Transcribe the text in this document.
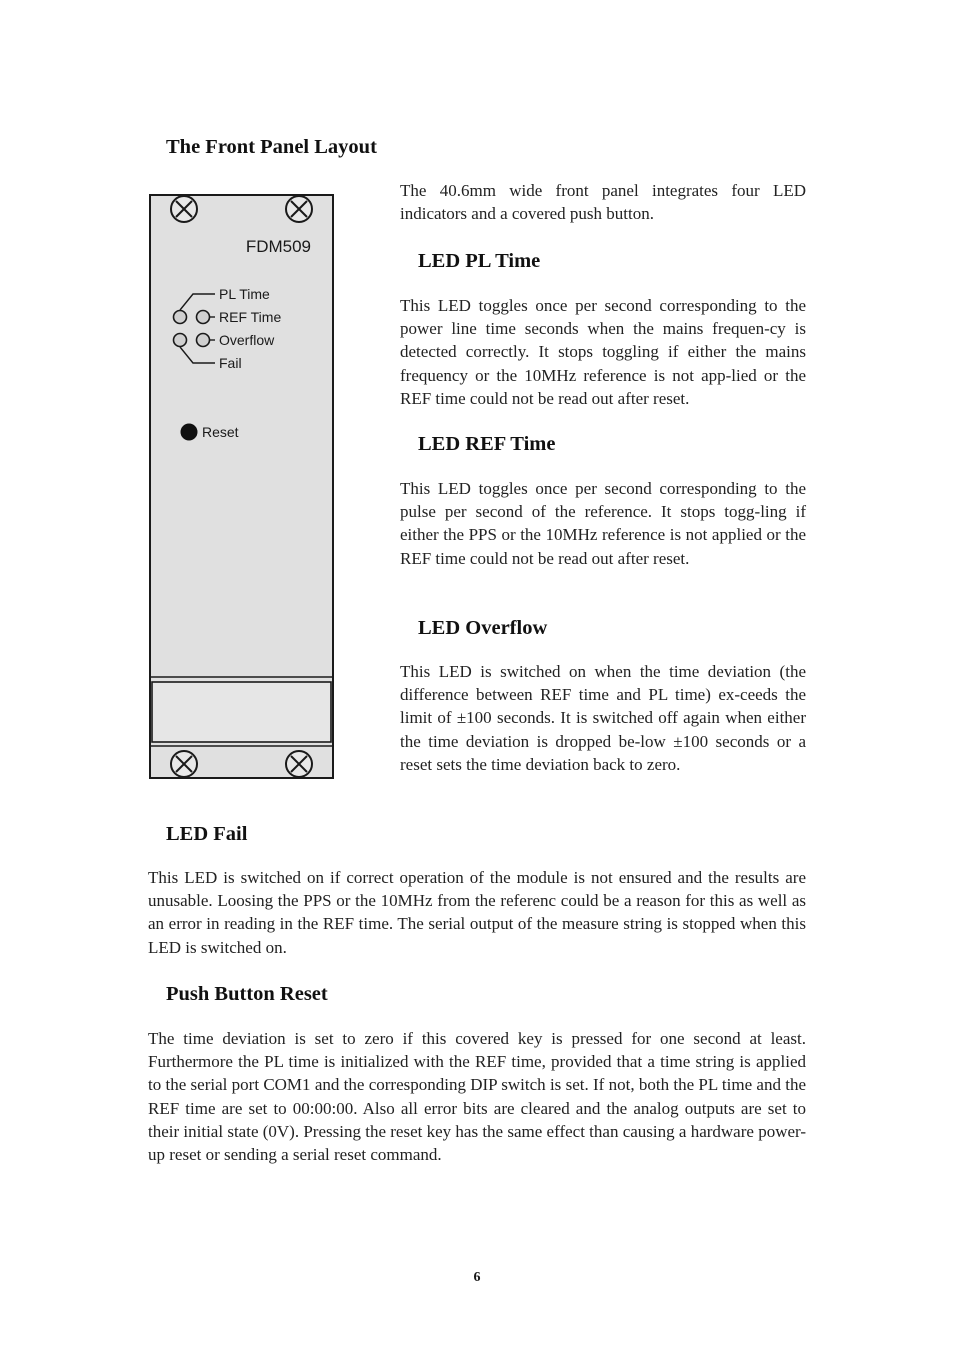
The Front Panel Layout
FDM509
PL Time
REF Time
Overflow
Fail
Reset

The 40.6mm wide front panel integrates four LED indicators and a covered push button.

LED PL Time

This LED toggles once per second corresponding to the power line time seconds when the mains frequen-cy is detected correctly. It stops toggling if either the mains frequency or the 10MHz reference is not app-lied or the REF time could not be read out after reset.

LED REF Time

This LED toggles once per second corresponding to the pulse per second of the reference. It stops togg-ling if either the PPS or the 10MHz reference is not applied or the REF time could not be read out after reset.

LED Overflow

This LED is switched on when the time deviation (the difference between REF time and PL time) ex-ceeds the limit of ±100 seconds. It is switched off again when either the time deviation is dropped be-low ±100 seconds or a reset sets the time deviation back to zero.

LED Fail

This LED is switched on if correct operation of the module is not ensured and the results are unusable. Loosing the PPS or the 10MHz from the referenc could be a reason for this as well as an error in reading in the REF time. The serial output of the measure string is stopped when this LED is switched on.

Push Button Reset

The time deviation is set to zero if this covered key is pressed for one second at least. Furthermore the PL time is initialized with the REF time, provided that a time string is applied to the serial port COM1 and the corresponding DIP switch is set. If not, both the PL time and the REF time are set to 00:00:00. Also all error bits are cleared and the analog outputs are set to their initial state (0V). Pressing the reset key has the same effect than causing a hardware power-up reset or sending a serial reset command.

6
